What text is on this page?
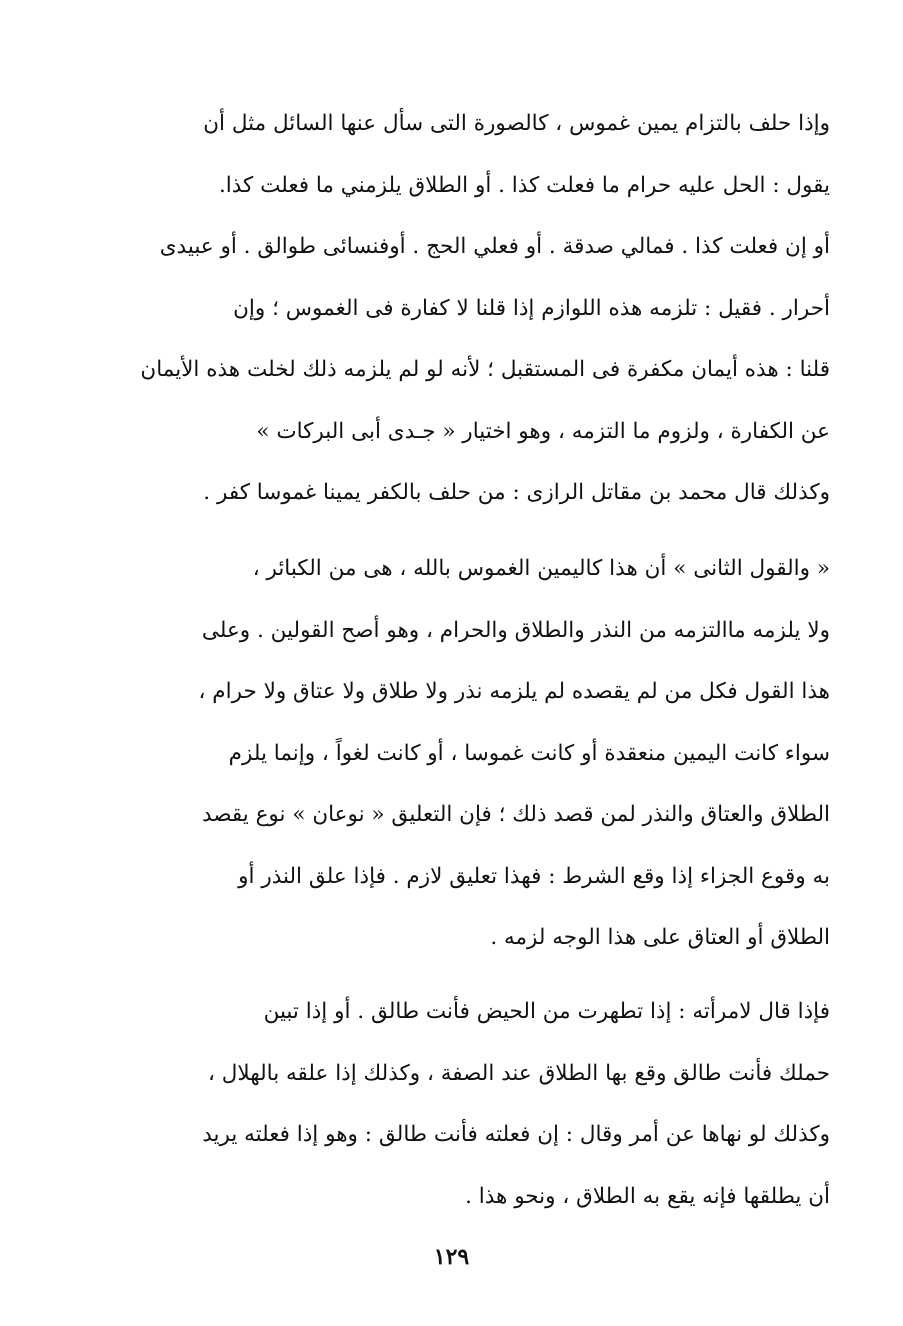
وإذا حلف بالتزام يمين غموس ، كالصورة التى سأل عنها السائل مثل أن
يقول : الحل عليه حرام ما فعلت كذا . أو الطلاق يلزمني ما فعلت كذا.
أو إن فعلت كذا . فمالي صدقة . أو فعلي الحج . أوفنسائى طوالق . أو عبيدى
أحرار . فقيل : تلزمه هذه اللوازم إذا قلنا لا كفارة فى الغموس ؛ وإن
قلنا : هذه أيمان مكفرة فى المستقبل ؛ لأنه لو لم يلزمه ذلك لخلت هذه الأيمان
عن الكفارة ، ولزوم ما التزمه ، وهو اختيار « جـدى أبى البركات »
وكذلك قال محمد بن مقاتل الرازى : من حلف بالكفر يمينا غموسا كفر .
« والقول الثانى » أن هذا كاليمين الغموس بالله ، هى من الكبائر ،
ولا يلزمه ماالتزمه من النذر والطلاق والحرام ، وهو أصح القولين . وعلى
هذا القول فكل من لم يقصده لم يلزمه نذر ولا طلاق ولا عتاق ولا حرام ،
سواء كانت اليمين منعقدة أو كانت غموسا ، أو كانت لغواً ، وإنما يلزم
الطلاق والعتاق والنذر لمن قصد ذلك ؛ فإن التعليق « نوعان » نوع يقصد
به وقوع الجزاء إذا وقع الشرط : فهذا تعليق لازم . فإذا علق النذر أو
الطلاق أو العتاق على هذا الوجه لزمه .
فإذا قال لامرأته : إذا تطهرت من الحيض فأنت طالق . أو إذا تبين
حملك فأنت طالق وقع بها الطلاق عند الصفة ، وكذلك إذا علقه بالهلال ،
وكذلك لو نهاها عن أمر وقال : إن فعلته فأنت طالق : وهو إذا فعلته يريد
أن يطلقها فإنه يقع به الطلاق ، ونحو هذا .
١٢٩
